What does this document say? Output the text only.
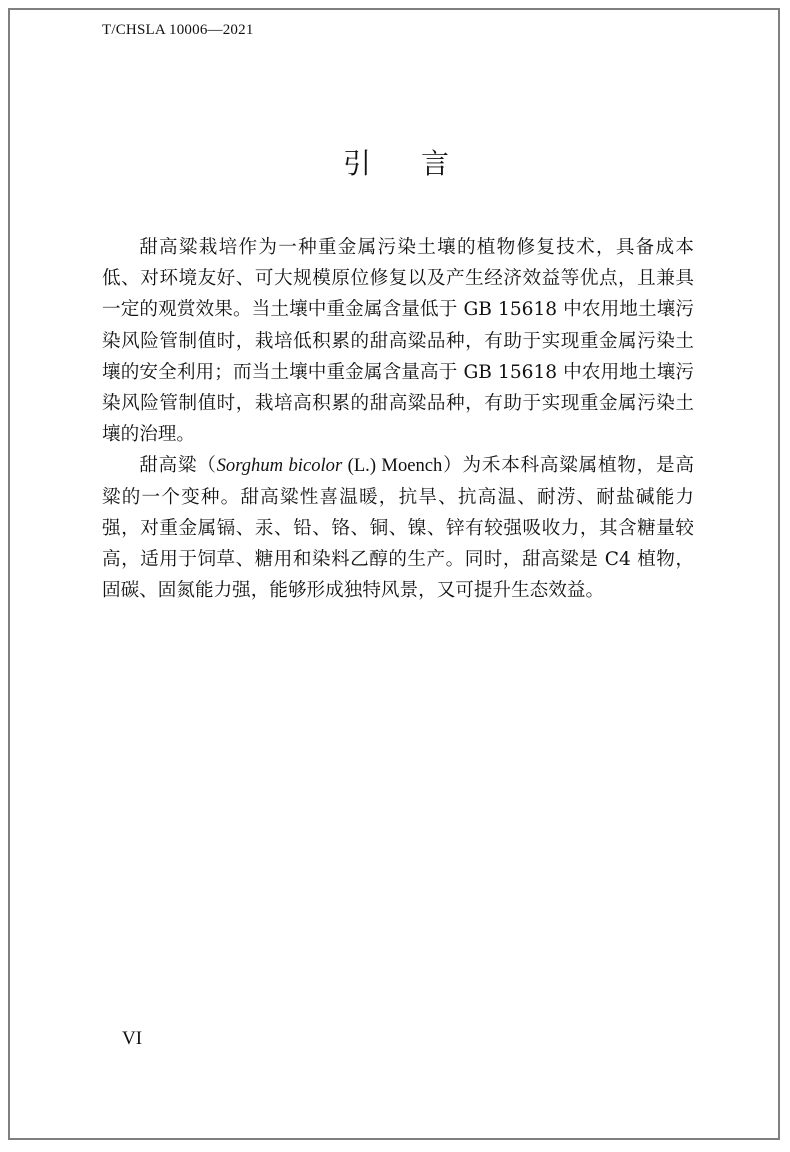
T/CHSLA 10006—2021
引 言

甜高粱栽培作为一种重金属污染土壤的植物修复技术，具备成本低、对环境友好、可大规模原位修复以及产生经济效益等优点，且兼具一定的观赏效果。当土壤中重金属含量低于 GB 15618 中农用地土壤污染风险管制值时，栽培低积累的甜高粱品种，有助于实现重金属污染土壤的安全利用；而当土壤中重金属含量高于 GB 15618 中农用地土壤污染风险管制值时，栽培高积累的甜高粱品种，有助于实现重金属污染土壤的治理。

甜高粱（Sorghum bicolor (L.) Moench）为禾本科高粱属植物，是高粱的一个变种。甜高粱性喜温暖，抗旱、抗高温、耐涝、耐盐碱能力强，对重金属镉、汞、铅、铬、铜、镍、锌有较强吸收力，其含糖量较高，适用于饲草、糖用和染料乙醇的生产。同时，甜高粱是 C4 植物，固碳、固氮能力强，能够形成独特风景，又可提升生态效益。

VI
